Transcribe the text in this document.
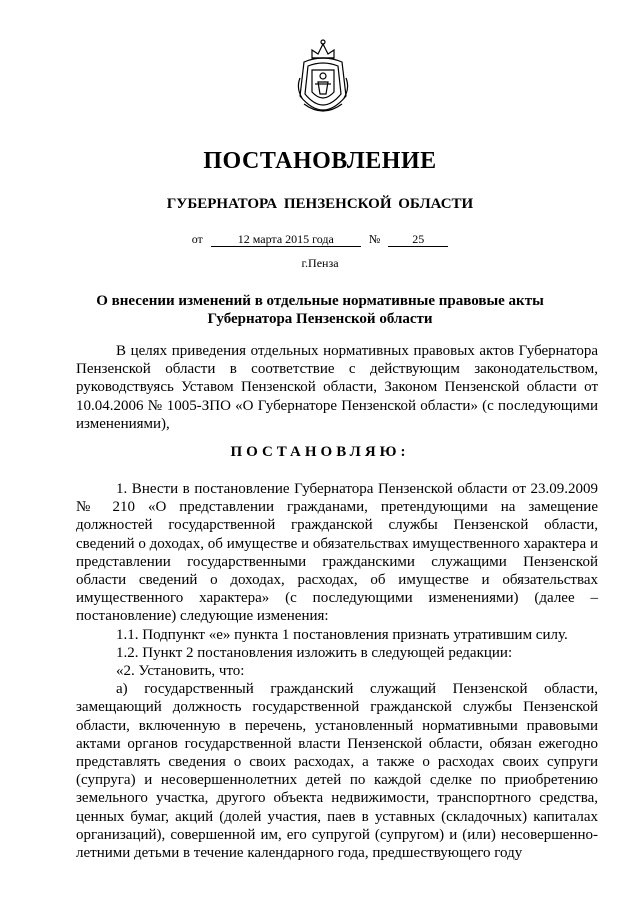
ПОСТАНОВЛЕНИЕ
ГУБЕРНАТОРА ПЕНЗЕНСКОЙ ОБЛАСТИ
от	12 марта 2015 года	№	25
г.Пенза
О внесении изменений в отдельные нормативные правовые акты
Губернатора Пензенской области

В целях приведения отдельных нормативных правовых актов Губернатора Пензенской области в соответствие с действующим законодательством, руководствуясь Уставом Пензенской области, Законом Пензенской области от 10.04.2006 № 1005-ЗПО «О Губернаторе Пензенской области» (с последующими изменениями),

ПОСТАНОВЛЯЮ:

1. Внести в постановление Губернатора Пензенской области от 23.09.2009 № 210 «О представлении гражданами, претендующими на замещение должностей государственной гражданской службы Пензенской области, сведений о доходах, об имуществе и обязательствах имущественного характера и представлении государственными гражданскими служащими Пензенской области сведений о доходах, расходах, об имуществе и обязательствах имущественного характера» (с последующими изменениями) (далее – постановление) следующие изменения:

1.1. Подпункт «е» пункта 1 постановления признать утратившим силу.

1.2. Пункт 2 постановления изложить в следующей редакции:

«2. Установить, что:

а) государственный гражданский служащий Пензенской области, замещающий должность государственной гражданской службы Пензенской области, включенную в перечень, установленный нормативными правовыми актами органов государственной власти Пензенской области, обязан ежегодно представлять сведения о своих расходах, а также о расходах своих супруги (супруга) и несовершеннолетних детей по каждой сделке по приобретению земельного участка, другого объекта недвижимости, транспортного средства, ценных бумаг, акций (долей участия, паев в уставных (складочных) капиталах организаций), совершенной им, его супругой (супругом) и (или) несовершенно-летними детьми в течение календарного года, предшествующего году
